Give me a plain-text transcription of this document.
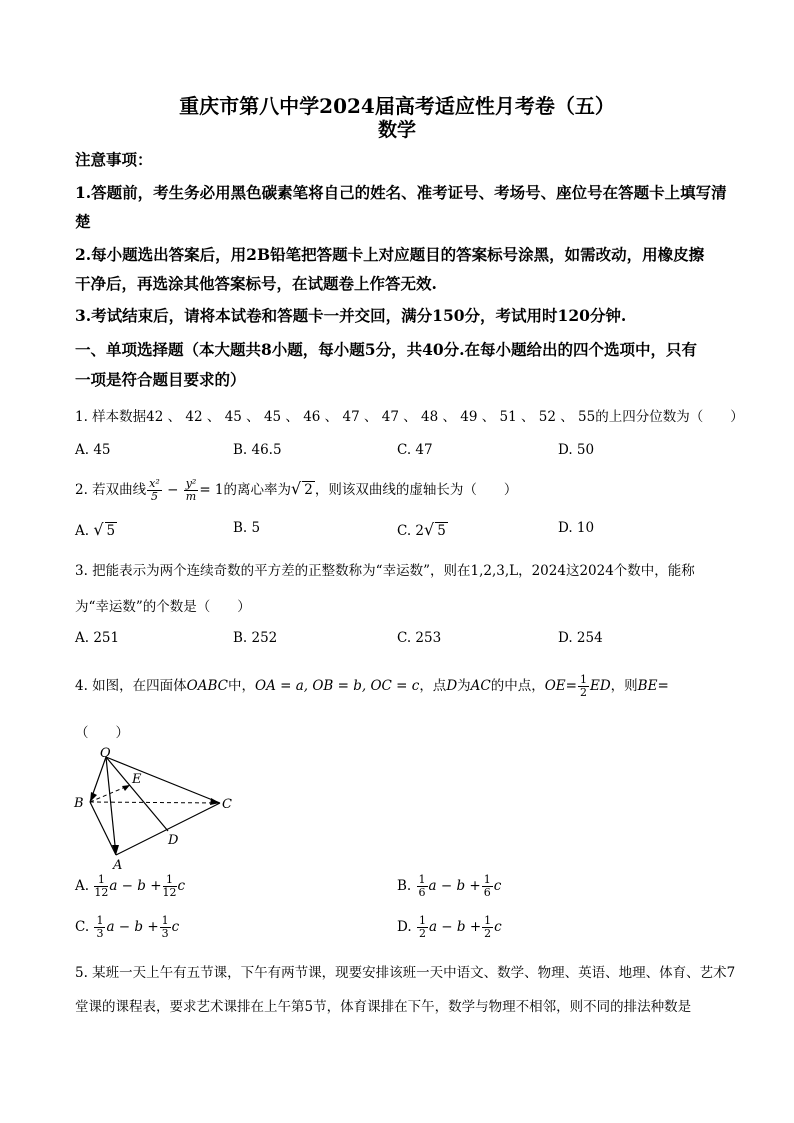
重庆市第八中学2024届高考适应性月考卷（五）
数学
注意事项：
1.答题前，考生务必用黑色碳素笔将自己的姓名、准考证号、考场号、座位号在答题卡上填写清
楚
2.每小题选出答案后，用2B铅笔把答题卡上对应题目的答案标号涂黑，如需改动，用橡皮擦
干净后，再选涂其他答案标号，在试题卷上作答无效.
3.考试结束后，请将本试卷和答题卡一并交回，满分150分，考试用时120分钟.
一、单项选择题（本大题共8小题，每小题5分，共40分.在每小题给出的四个选项中，只有
一项是符合题目要求的）
1. 样本数据42 、 42 、 45 、 45 、 46 、 47 、 47 、 48 、 49 、 51 、 52 、 55的上四分位数为（　　）
A. 45	B. 46.5	C. 47	D. 50
2. 若双曲线 $\frac{\text{x²}}{5} - \frac{\text{y²}}{m} = 1$的离心率为√ 2 ，则该双曲线的虚轴长为（　　）
A. √ 5	B. 5	C. 2√ 5	D. 10
3. 把能表示为两个连续奇数的平方差的正整数称为“幸运数”，则在1,2,3,L，2024这2024个数中，能称
为“幸运数”的个数是（　　）
A. 251	B. 252	C. 253	D. 254
4. 如图，在四面体OABC中，OA = a, OB = b, OC = c，点D为AC的中点，$OE= \frac{1}{2}$ ED，则BE=
（　　）
O
E
B	C
D
A
A. $\frac{1}{12}$ $a - b + \frac{1}{12}$ c	B. $\frac{1}{6}$ $a - b + \frac{1}{6}$ c
C. $\frac{1}{3}$ $a - b + \frac{1}{3}$ c	D. $\frac{1}{2}$ $a - b + \frac{1}{2}$ c
5. 某班一天上午有五节课，下午有两节课，现要安排该班一天中语文、数学、物理、英语、地理、体育、艺术7
堂课的课程表，要求艺术课排在上午第5节，体育课排在下午，数学与物理不相邻，则不同的排法种数是
